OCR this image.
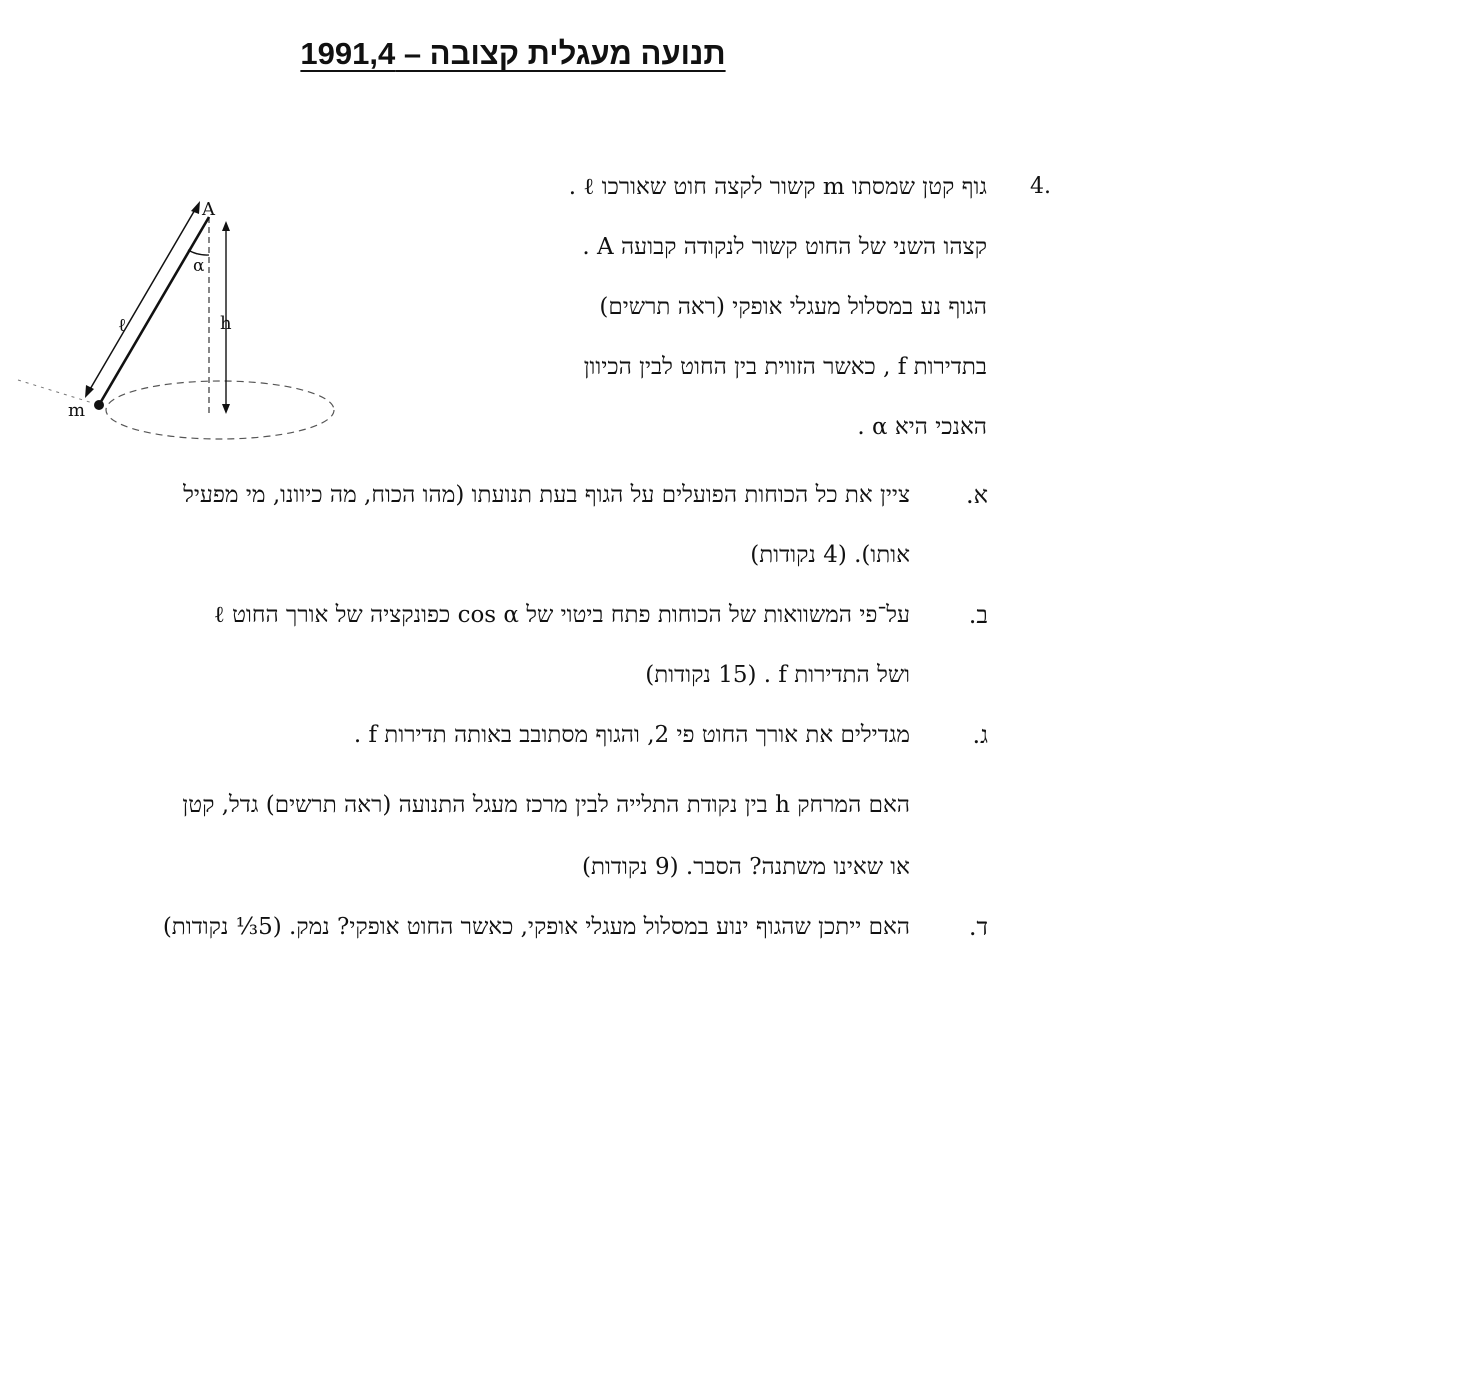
תנועה מעגלית קצובה – 1991,4
4.
גוף קטן שמסתו m קשור לקצה חוט שאורכו ℓ .
קצהו השני של החוט קשור לנקודה קבועה A .
הגוף נע במסלול מעגלי אופקי (ראה תרשים)
בתדירות f , כאשר הזווית בין החוט לבין הכיוון
האנכי היא α .
A
α
ℓ	h
m
א.
ציין את כל הכוחות הפועלים על הגוף בעת תנועתו (מהו הכוח, מה כיוונו, מי מפעיל
אותו). (4 נקודות)
ב.
על־פי המשוואות של הכוחות פתח ביטוי של cos α כפונקציה של אורך החוט ℓ
ושל התדירות f . (15 נקודות)
ג.
מגדילים את אורך החוט פי 2, והגוף מסתובב באותה תדירות f .
האם המרחק h בין נקודת התלייה לבין מרכז מעגל התנועה (ראה תרשים) גדל, קטן
או שאינו משתנה? הסבר. (9 נקודות)
ד.
האם ייתכן שהגוף ינוע במסלול מעגלי אופקי, כאשר החוט אופקי? נמק. (5⅓ נקודות)
